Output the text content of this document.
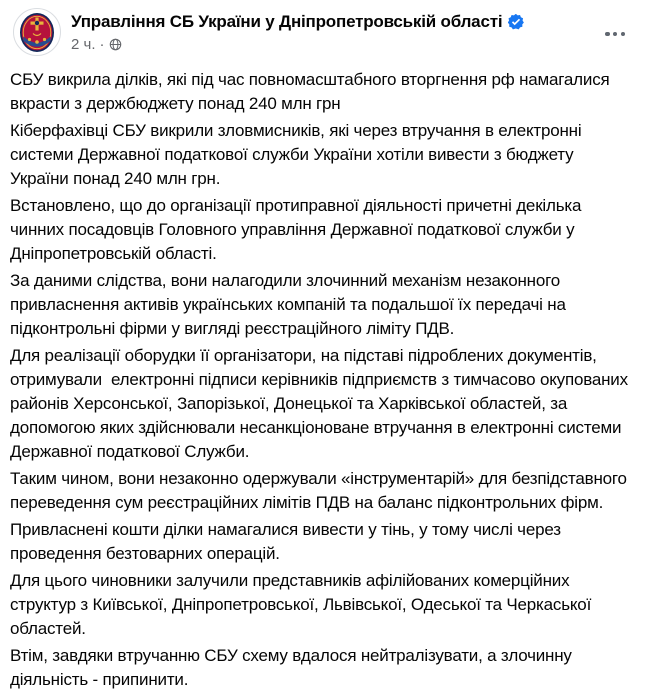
Управління СБ України у Дніпропетровській області
2 ч. ·

СБУ викрила ділків, які під час повномасштабного вторгнення рф намагалися вкрасти з держбюджету понад 240 млн грн

Кіберфахівці СБУ викрили зловмисників, які через втручання в електронні системи Державної податкової служби України хотіли вивести з бюджету України понад 240 млн грн.

Встановлено, що до організації протиправної діяльності причетні декілька чинних посадовців Головного управління Державної податкової служби у Дніпропетровській області.

За даними слідства, вони налагодили злочинний механізм незаконного привласнення активів українських компаній та подальшої їх передачі на підконтрольні фірми у вигляді реєстраційного ліміту ПДВ.

Для реалізації оборудки її організатори, на підставі підроблених документів, отримували  електронні підписи керівників підприємств з тимчасово окупованих районів Херсонської, Запорізької, Донецької та Харківської областей, за допомогою яких здійснювали несанкціоноване втручання в електронні системи Державної податкової Служби.

Таким чином, вони незаконно одержували «інструментарій» для безпідставного переведення сум реєстраційних лімітів ПДВ на баланс підконтрольних фірм.

Привласнені кошти ділки намагалися вивести у тінь, у тому числі через проведення безтоварних операцій.

Для цього чиновники залучили представників афілійованих комерційних структур з Київської, Дніпропетровської, Львівської, Одеської та Черкаської областей.

Втім, завдяки втручанню СБУ схему вдалося нейтралізувати, а злочинну діяльність - припинити.
